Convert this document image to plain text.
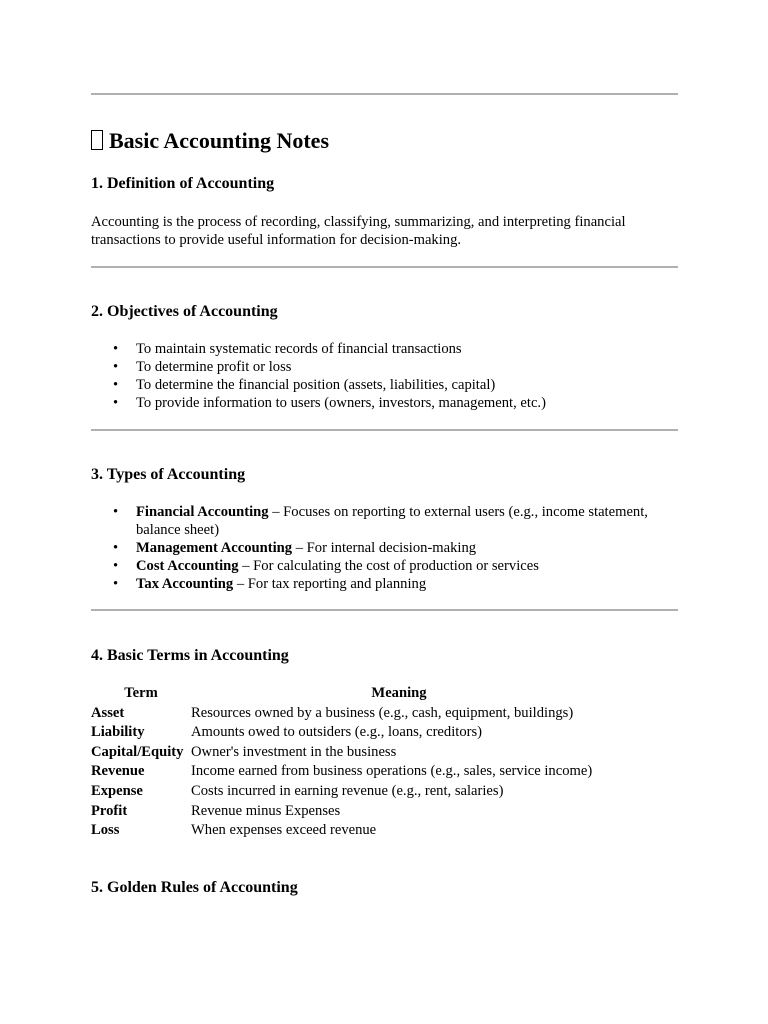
Basic Accounting Notes
1. Definition of Accounting

Accounting is the process of recording, classifying, summarizing, and interpreting financial transactions to provide useful information for decision-making.

2. Objectives of Accounting
• To maintain systematic records of financial transactions
• To determine profit or loss
• To determine the financial position (assets, liabilities, capital)
• To provide information to users (owners, investors, management, etc.)
3. Types of Accounting
• Financial Accounting – Focuses on reporting to external users (e.g., income statement, balance sheet)
• Management Accounting – For internal decision-making
• Cost Accounting – For calculating the cost of production or services
• Tax Accounting – For tax reporting and planning
4. Basic Terms in Accounting
Term	Meaning
Asset	Resources owned by a business (e.g., cash, equipment, buildings)
Liability	Amounts owed to outsiders (e.g., loans, creditors)
Capital/Equity	Owner's investment in the business
Revenue	Income earned from business operations (e.g., sales, service income)
Expense	Costs incurred in earning revenue (e.g., rent, salaries)
Profit	Revenue minus Expenses
Loss	When expenses exceed revenue
5. Golden Rules of Accounting
